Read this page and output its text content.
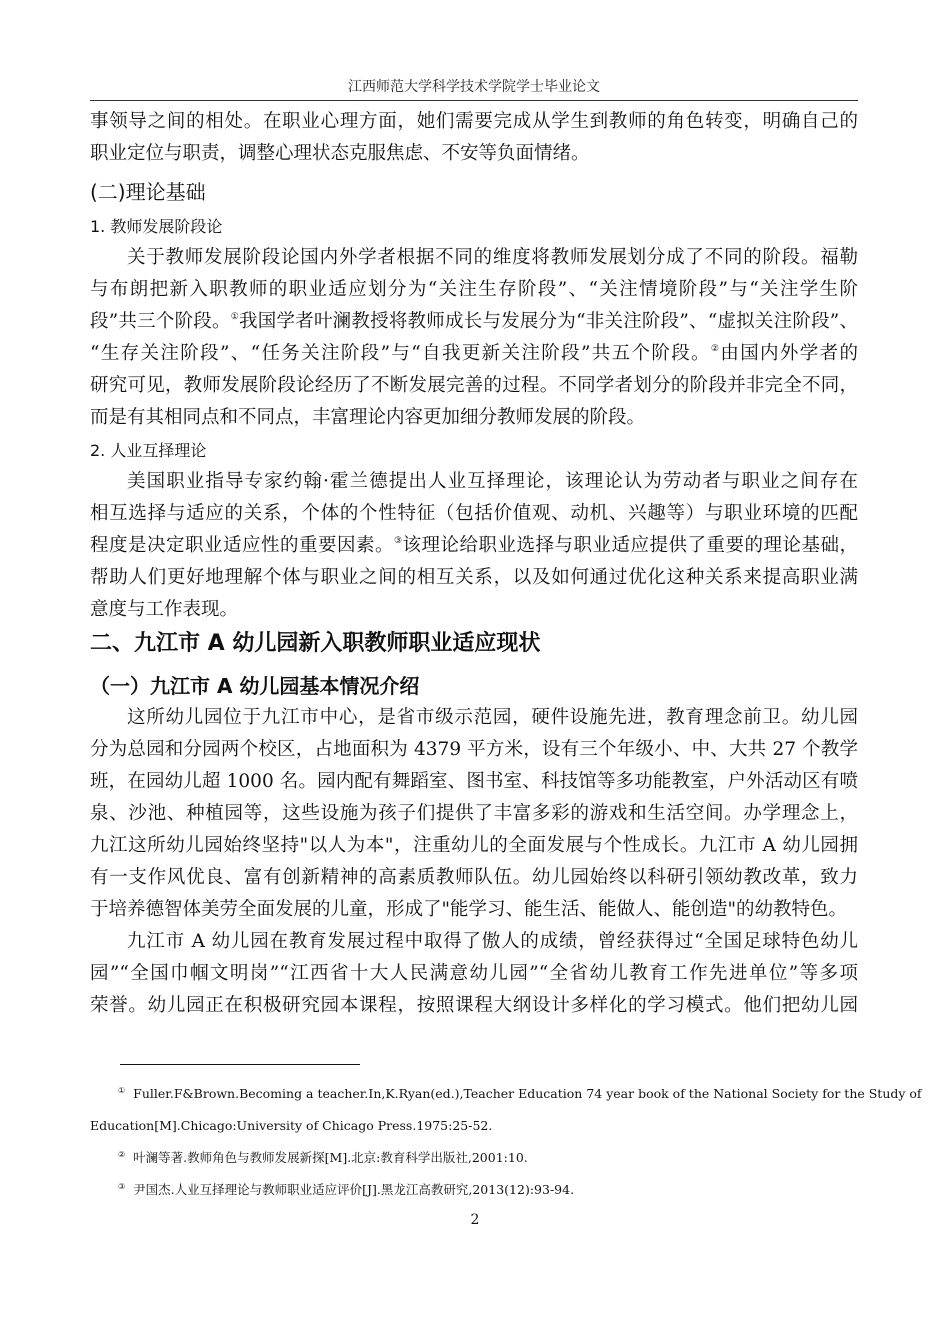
江西师范大学科学技术学院学士毕业论文
事领导之间的相处。在职业心理方面，她们需要完成从学生到教师的角色转变，明确自己的
职业定位与职责，调整心理状态克服焦虑、不安等负面情绪。
(二)理论基础
1. 教师发展阶段论
关于教师发展阶段论国内外学者根据不同的维度将教师发展划分成了不同的阶段。福勒
与布朗把新入职教师的职业适应划分为“关注生存阶段”、“关注情境阶段”与“关注学生阶
段”共三个阶段。①我国学者叶澜教授将教师成长与发展分为“非关注阶段”、“虚拟关注阶段”、
“生存关注阶段”、“任务关注阶段”与“自我更新关注阶段”共五个阶段。②由国内外学者的
研究可见，教师发展阶段论经历了不断发展完善的过程。不同学者划分的阶段并非完全不同，
而是有其相同点和不同点，丰富理论内容更加细分教师发展的阶段。
2. 人业互择理论
美国职业指导专家约翰·霍兰德提出人业互择理论，该理论认为劳动者与职业之间存在
相互选择与适应的关系，个体的个性特征（包括价值观、动机、兴趣等）与职业环境的匹配
程度是决定职业适应性的重要因素。③该理论给职业选择与职业适应提供了重要的理论基础，
帮助人们更好地理解个体与职业之间的相互关系，以及如何通过优化这种关系来提高职业满
意度与工作表现。
二、九江市 A 幼儿园新入职教师职业适应现状
（一）九江市 A 幼儿园基本情况介绍
这所幼儿园位于九江市中心，是省市级示范园，硬件设施先进，教育理念前卫。幼儿园
分为总园和分园两个校区，占地面积为 4379 平方米，设有三个年级小、中、大共 27 个教学
班，在园幼儿超 1000 名。园内配有舞蹈室、图书室、科技馆等多功能教室，户外活动区有喷
泉、沙池、种植园等，这些设施为孩子们提供了丰富多彩的游戏和生活空间。办学理念上，
九江这所幼儿园始终坚持"以人为本"，注重幼儿的全面发展与个性成长。九江市 A 幼儿园拥
有一支作风优良、富有创新精神的高素质教师队伍。幼儿园始终以科研引领幼教改革，致力
于培养德智体美劳全面发展的儿童，形成了"能学习、能生活、能做人、能创造"的幼教特色。
九江市 A 幼儿园在教育发展过程中取得了傲人的成绩，曾经获得过“全国足球特色幼儿
园”“全国巾帼文明岗”“江西省十大人民满意幼儿园”“全省幼儿教育工作先进单位”等多项
荣誉。幼儿园正在积极研究园本课程，按照课程大纲设计多样化的学习模式。他们把幼儿园
① Fuller.F&Brown.Becoming a teacher.In,K.Ryan(ed.),Teacher Education 74 year book of the National Society for the Study of
Education[M].Chicago:University of Chicago Press.1975:25-52.
② 叶澜等著.教师角色与教师发展新探[M].北京:教育科学出版社,2001:10.
③ 尹国杰.人业互择理论与教师职业适应评价[J].黑龙江高教研究,2013(12):93-94.
2
